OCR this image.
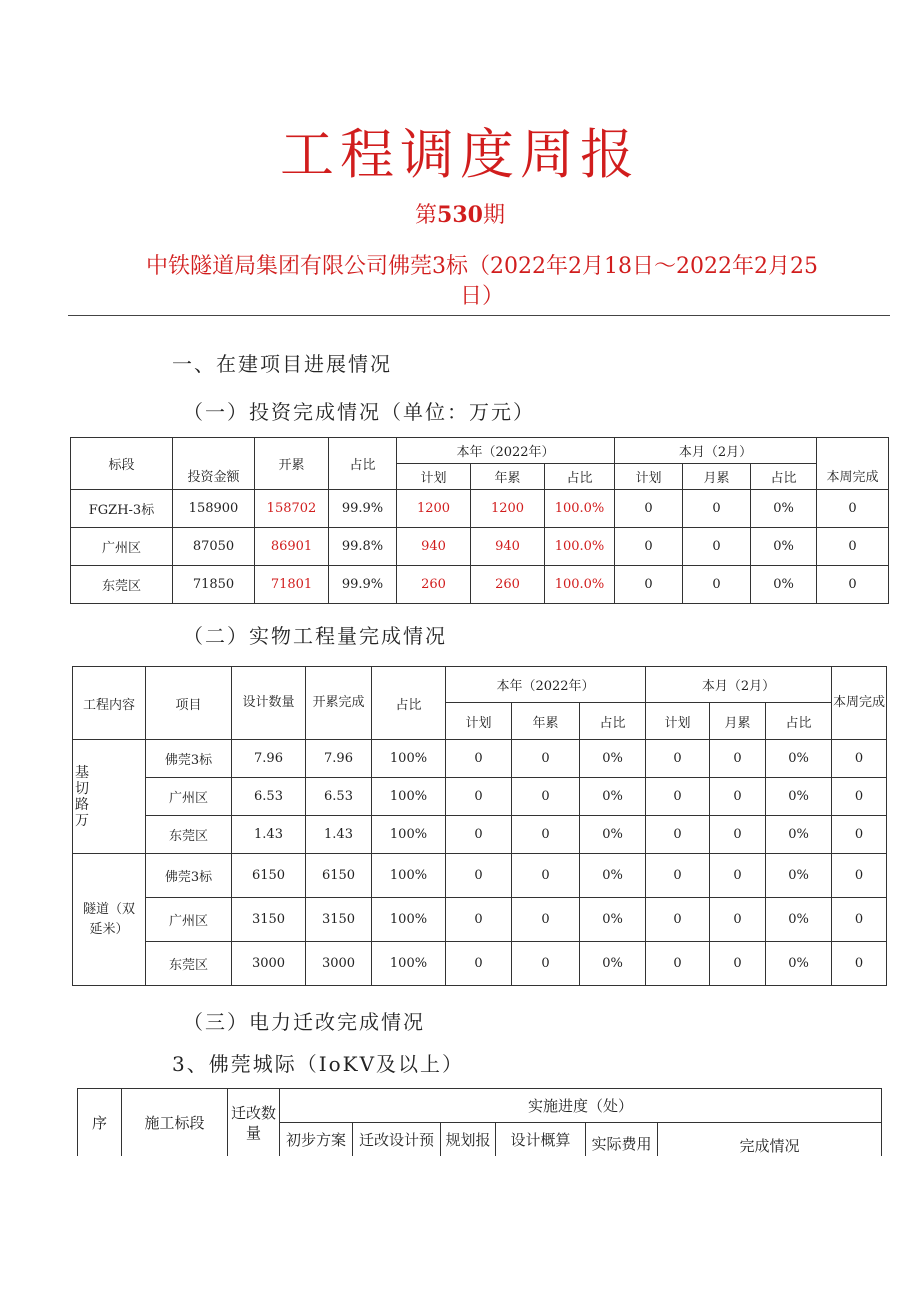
工程调度周报
第530期
中铁隧道局集团有限公司佛莞3标（2022年2月18日～2022年2月25
日）
一、在建项目进展情况
（一）投资完成情况（单位：万元）
标段	投资金额	开累	占比	本年（2022年）			本月（2月）			本周完成
				计划	年累	占比	计划	月累	占比	
FGZH-3标	158900	158702	99.9%	1200	1200	100.0%	0	0	0%	0
广州区	87050	86901	99.8%	940	940	100.0%	0	0	0%	0
东莞区	71850	71801	99.9%	260	260	100.0%	0	0	0%	0
（二）实物工程量完成情况
工程内容	项目	设计数量	开累完成	占比	本年（2022年）			本月（2月）			本周完成
					计划	年累	占比	计划	月累	占比	

基切路万	佛莞3标	7.96	7.96	100%	0	0	0%	0	0	0%	0
	广州区	6.53	6.53	100%	0	0	0%	0	0	0%	0
	东莞区	1.43	1.43	100%	0	0	0%	0	0	0%	0

隧道（双延米）	佛莞3标	6150	6150	100%	0	0	0%	0	0	0%	0
	广州区	3150	3150	100%	0	0	0%	0	0	0%	0
	东莞区	3000	3000	100%	0	0	0%	0	0	0%	0
（三）电力迁改完成情况
3、佛莞城际（IoKV及以上）
序	施工标段	迁改数量	实施进度（处）					
			初步方案	迁改设计预	规划报	设计概算	实际费用	完成情况
